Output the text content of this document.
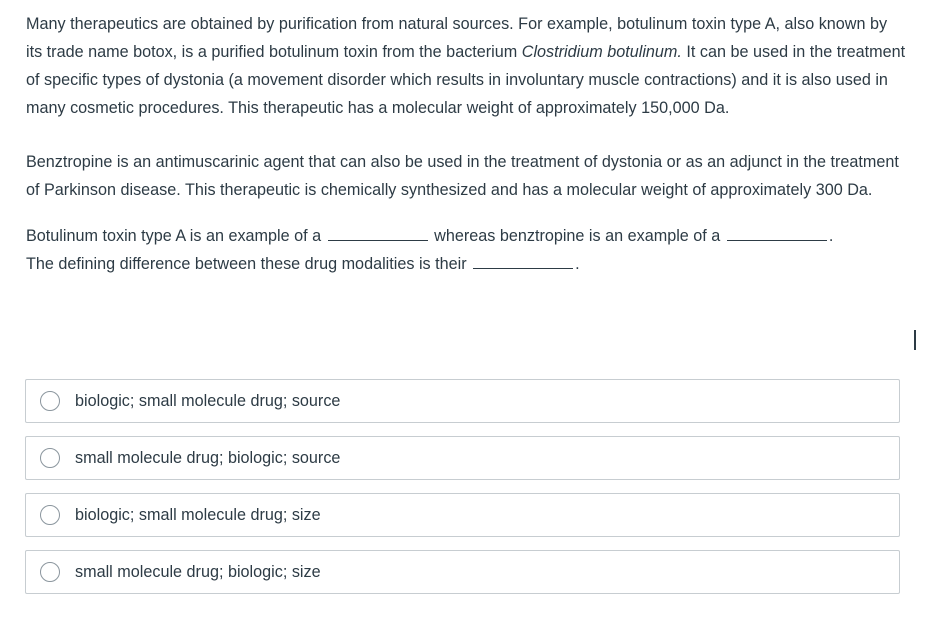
Many therapeutics are obtained by purification from natural sources. For example, botulinum toxin type A, also known by its trade name botox, is a purified botulinum toxin from the bacterium Clostridium botulinum. It can be used in the treatment of specific types of dystonia (a movement disorder which results in involuntary muscle contractions) and it is also used in many cosmetic procedures. This therapeutic has a molecular weight of approximately 150,000 Da.

Benztropine is an antimuscarinic agent that can also be used in the treatment of dystonia or as an adjunct in the treatment of Parkinson disease. This therapeutic is chemically synthesized and has a molecular weight of approximately 300 Da.

Botulinum toxin type A is an example of a	whereas benztropine is an example of a	.
The defining difference between these drug modalities is their	.

biologic; small molecule drug; source
small molecule drug; biologic; source
biologic; small molecule drug; size
small molecule drug; biologic; size
